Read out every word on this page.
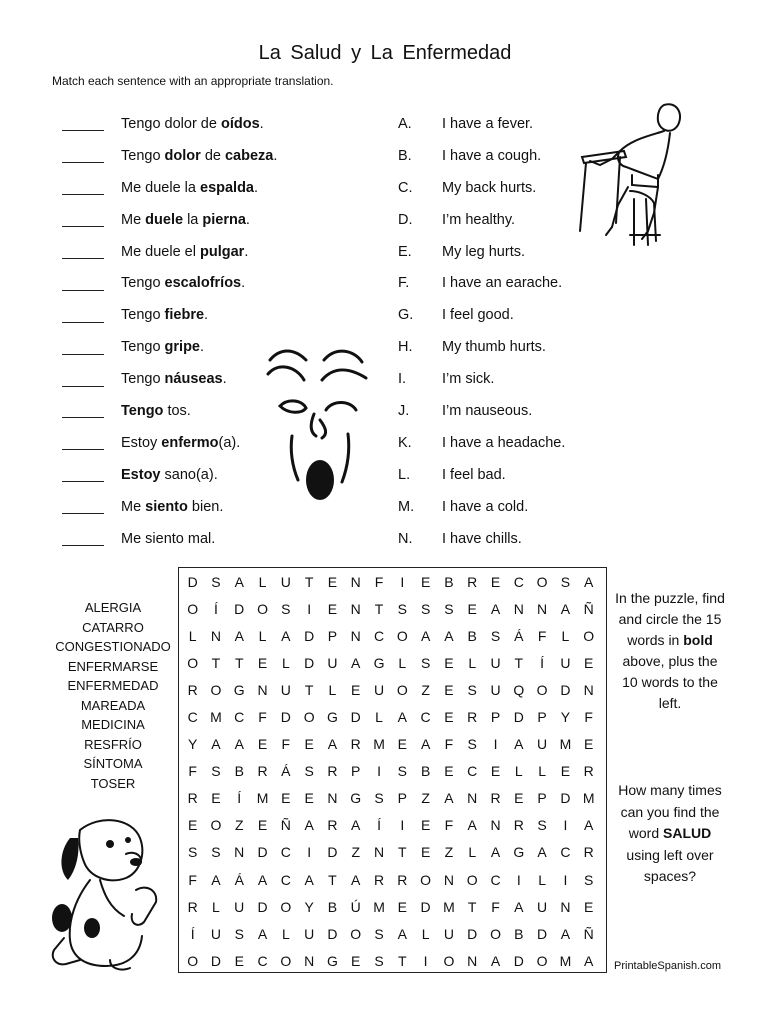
La Salud y La Enfermedad
Match each sentence with an appropriate translation.
Tengo dolor de oídos.
Tengo dolor de cabeza.
Me duele la espalda.
Me duele la pierna.
Me duele el pulgar.
Tengo escalofríos.
Tengo fiebre.
Tengo gripe.
Tengo náuseas.
Tengo tos.
Estoy enfermo(a).
Estoy sano(a).
Me siento bien.
Me siento mal.
A.	I have a fever.
B.	I have a cough.
C.	My back hurts.
D.	I’m healthy.
E.	My leg hurts.
F.	I have an earache.
G.	I feel good.
H.	My thumb hurts.
I.	I’m sick.
J.	I’m nauseous.
K.	I have a headache.
L.	I feel bad.
M.	I have a cold.
N.	I have chills.
ALERGIA
CATARRO
CONGESTIONADO
ENFERMARSE
ENFERMEDAD
MAREADA
MEDICINA
RESFRÍO
SÍNTOMA
TOSER
D	S	A	L	U	T	E	N	F	I	E	B	R	E	C	O	S	A
O	Í	D	O	S	I	E	N	T	S	S	S	E	A	N	N	A	Ñ
L	N	A	L	A	D	P	N	C	O	A	A	B	S	Á	F	L	O
O	T	T	E	L	D	U	A	G	L	S	E	L	U	T	Í	U	E
R	O	G	N	U	T	L	E	U	O	Z	E	S	U	Q	O	D	N
C	M	C	F	D	O	G	D	L	A	C	E	R	P	D	P	Y	F
Y	A	A	E	F	E	A	R	M	E	A	F	S	I	A	U	M	E
F	S	B	R	Á	S	R	P	I	S	B	E	C	E	L	L	E	R
R	E	Í	M	E	E	N	G	S	P	Z	A	N	R	E	P	D	M
E	O	Z	E	Ñ	A	R	A	Í	I	E	F	A	N	R	S	I	A
S	S	N	D	C	I	D	Z	N	T	E	Z	L	A	G	A	C	R
F	A	Á	A	C	A	T	A	R	R	O	N	O	C	I	L	I	S
R	L	U	D	O	Y	B	Ú	M	E	D	M	T	F	A	U	N	E
Í	U	S	A	L	U	D	O	S	A	L	U	D	O	B	D	A	Ñ
O	D	E	C	O	N	G	E	S	T	I	O	N	A	D	O	M	A
In the puzzle, find and circle the 15 words in bold above, plus the 10 words to the left.
How many times can you find the word SALUD using left over spaces?
PrintableSpanish.com
